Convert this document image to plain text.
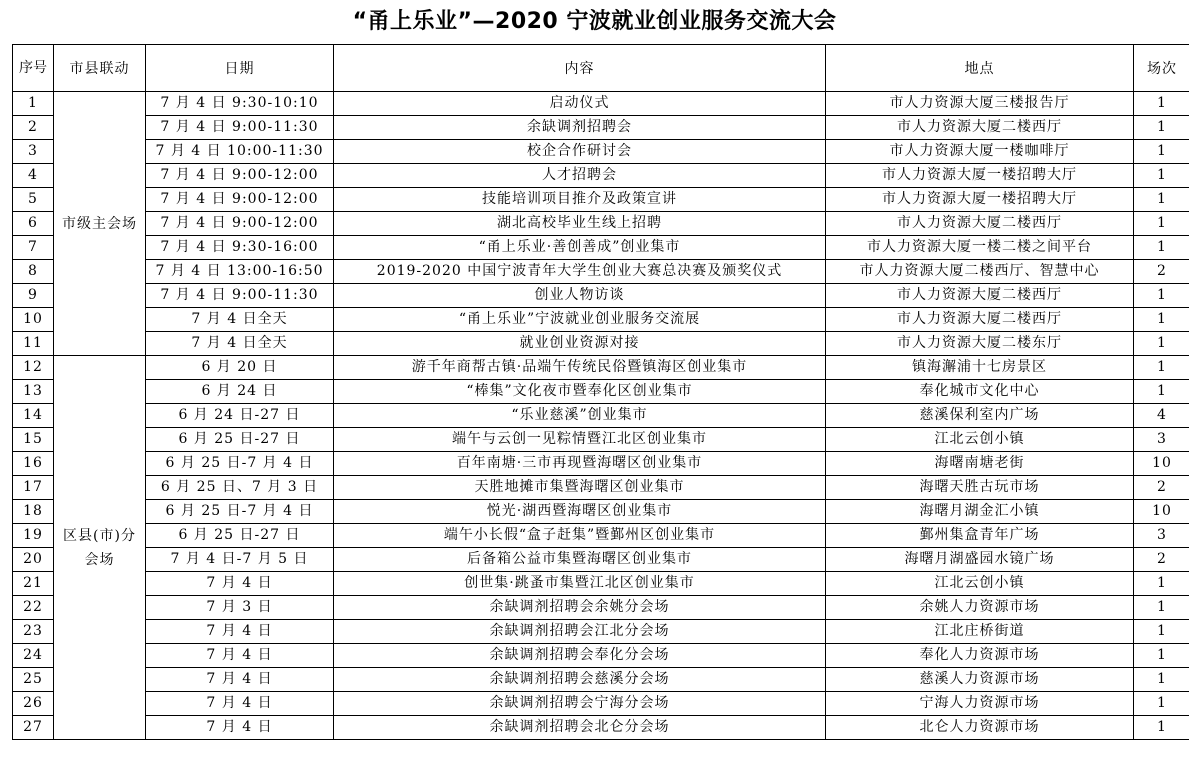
“甬上乐业”—2020 宁波就业创业服务交流大会
序号	市县联动	日期	内容	地点	场次
1	市级主会场	7 月 4 日 9:30-10:10	启动仪式	市人力资源大厦三楼报告厅	1
2		7 月 4 日 9:00-11:30	余缺调剂招聘会	市人力资源大厦二楼西厅	1
3		7 月 4 日 10:00-11:30	校企合作研讨会	市人力资源大厦一楼咖啡厅	1
4		7 月 4 日 9:00-12:00	人才招聘会	市人力资源大厦一楼招聘大厅	1
5		7 月 4 日 9:00-12:00	技能培训项目推介及政策宣讲	市人力资源大厦一楼招聘大厅	1
6		7 月 4 日 9:00-12:00	湖北高校毕业生线上招聘	市人力资源大厦二楼西厅	1
7		7 月 4 日 9:30-16:00	“甬上乐业·善创善成”创业集市	市人力资源大厦一楼二楼之间平台	1
8		7 月 4 日 13:00-16:50	2019-2020 中国宁波青年大学生创业大赛总决赛及颁奖仪式	市人力资源大厦二楼西厅、智慧中心	2
9		7 月 4 日 9:00-11:30	创业人物访谈	市人力资源大厦二楼西厅	1
10		7 月 4 日全天	“甬上乐业”宁波就业创业服务交流展	市人力资源大厦二楼西厅	1
11		7 月 4 日全天	就业创业资源对接	市人力资源大厦二楼东厅	1
12	区县(市)分会场	6 月 20 日	游千年商帮古镇·品端午传统民俗暨镇海区创业集市	镇海澥浦十七房景区	1
13		6 月 24 日	“棒集”文化夜市暨奉化区创业集市	奉化城市文化中心	1
14		6 月 24 日-27 日	“乐业慈溪”创业集市	慈溪保利室内广场	4
15		6 月 25 日-27 日	端午与云创一见粽情暨江北区创业集市	江北云创小镇	3
16		6 月 25 日-7 月 4 日	百年南塘·三市再现暨海曙区创业集市	海曙南塘老街	10
17		6 月 25 日、7 月 3 日	天胜地摊市集暨海曙区创业集市	海曙天胜古玩市场	2
18		6 月 25 日-7 月 4 日	悦光·湖西暨海曙区创业集市	海曙月湖金汇小镇	10
19		6 月 25 日-27 日	端午小长假“盒子赶集”暨鄞州区创业集市	鄞州集盒青年广场	3
20		7 月 4 日-7 月 5 日	后备箱公益市集暨海曙区创业集市	海曙月湖盛园水镜广场	2
21		7 月 4 日	创世集·跳蚤市集暨江北区创业集市	江北云创小镇	1
22		7 月 3 日	余缺调剂招聘会余姚分会场	余姚人力资源市场	1
23		7 月 4 日	余缺调剂招聘会江北分会场	江北庄桥街道	1
24		7 月 4 日	余缺调剂招聘会奉化分会场	奉化人力资源市场	1
25		7 月 4 日	余缺调剂招聘会慈溪分会场	慈溪人力资源市场	1
26		7 月 4 日	余缺调剂招聘会宁海分会场	宁海人力资源市场	1
27		7 月 4 日	余缺调剂招聘会北仑分会场	北仑人力资源市场	1
